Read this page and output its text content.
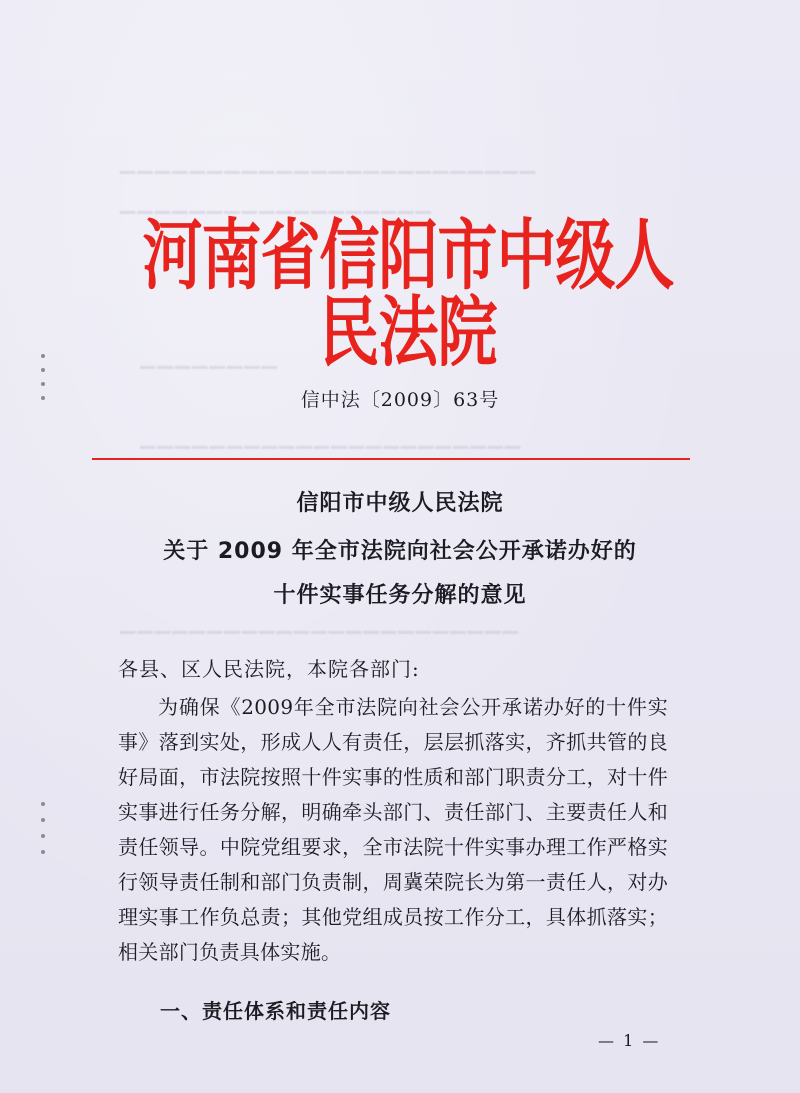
▁▁▁▁▁▁▁▁▁▁▁▁▁▁▁▁▁▁▁▁▁▁▁▁
▁▁▁▁▁▁▁▁▁▁▁▁▁▁▁▁▁▁
▁▁▁▁▁▁▁▁
▁▁▁▁▁▁▁▁▁▁▁▁▁▁▁▁▁▁▁▁▁▁
▁▁▁▁▁▁▁▁▁▁▁▁▁▁▁▁▁▁▁▁▁▁▁
河南省信阳市中级人民法院
信中法〔2009〕63号
信阳市中级人民法院
关于 2009 年全市法院向社会公开承诺办好的
十件实事任务分解的意见
各县、区人民法院，本院各部门:
为确保《2009年全市法院向社会公开承诺办好的十件实事》落到实处，形成人人有责任，层层抓落实，齐抓共管的良好局面，市法院按照十件实事的性质和部门职责分工，对十件实事进行任务分解，明确牵头部门、责任部门、主要责任人和责任领导。中院党组要求，全市法院十件实事办理工作严格实行领导责任制和部门负责制，周冀荣院长为第一责任人，对办理实事工作负总责；其他党组成员按工作分工，具体抓落实；相关部门负责具体实施。
一、责任体系和责任内容
— 1 —
